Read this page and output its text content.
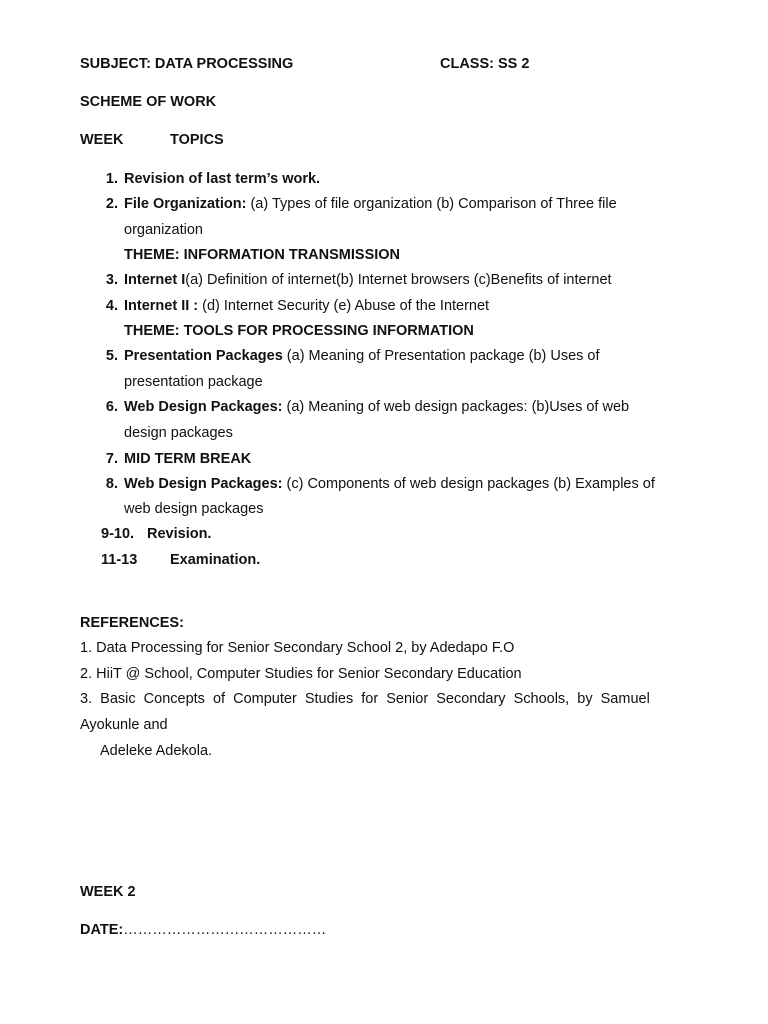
SUBJECT: DATA PROCESSING	CLASS: SS 2
SCHEME OF WORK
WEEK	TOPICS
1. Revision of last term’s work.
2. File Organization: (a) Types of file organization (b) Comparison of Three file
organization
THEME: INFORMATION TRANSMISSION
3. Internet I(a) Definition of internet(b) Internet browsers (c)Benefits of internet
4. Internet II : (d) Internet Security (e) Abuse of the Internet
THEME: TOOLS FOR PROCESSING INFORMATION
5. Presentation Packages (a) Meaning of Presentation package (b) Uses of
presentation package
6. Web Design Packages: (a) Meaning of web design packages: (b)Uses of web
design packages
7. MID TERM BREAK
8. Web Design Packages: (c) Components of web design packages (b) Examples of
web design packages
9-10. Revision.
11-13 Examination.
REFERENCES:
1. Data Processing for Senior Secondary School 2, by Adedapo F.O
2. HiiT @ School, Computer Studies for Senior Secondary Education
3.  Basic  Concepts  of  Computer  Studies  for  Senior  Secondary  Schools,  by  Samuel
Ayokunle and
Adeleke Adekola.
WEEK 2
DATE:……………………………………
